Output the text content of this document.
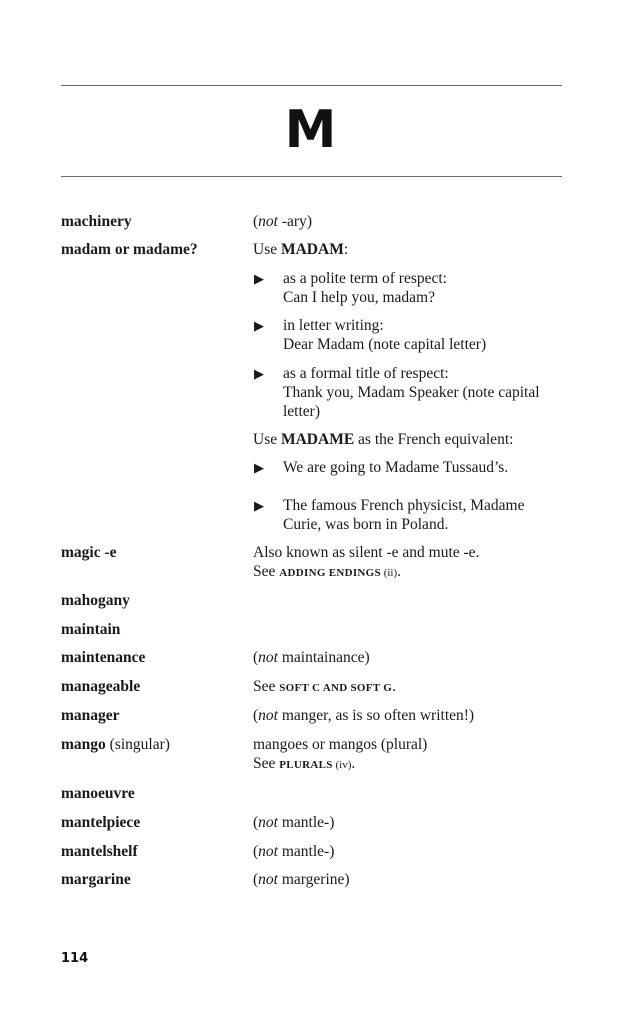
M
machinery	(not -ary)
madam or madame?	Use MADAM:
▶ as a polite term of respect:
Can I help you, madam?
▶ in letter writing:
Dear Madam (note capital letter)
▶ as a formal title of respect:
Thank you, Madam Speaker (note capital letter)
Use MADAME as the French equivalent:
▶ We are going to Madame Tussaud’s.
▶ The famous French physicist, Madame Curie, was born in Poland.
magic -e	Also known as silent -e and mute -e.
See ADDING ENDINGS (ii).
mahogany
maintain
maintenance	(not maintainance)
manageable	See SOFT C AND SOFT G.
manager	(not manger, as is so often written!)
mango (singular)	mangoes or mangos (plural)
See PLURALS (iv).
manoeuvre
mantelpiece	(not mantle-)
mantelshelf	(not mantle-)
margarine	(not margerine)
114
